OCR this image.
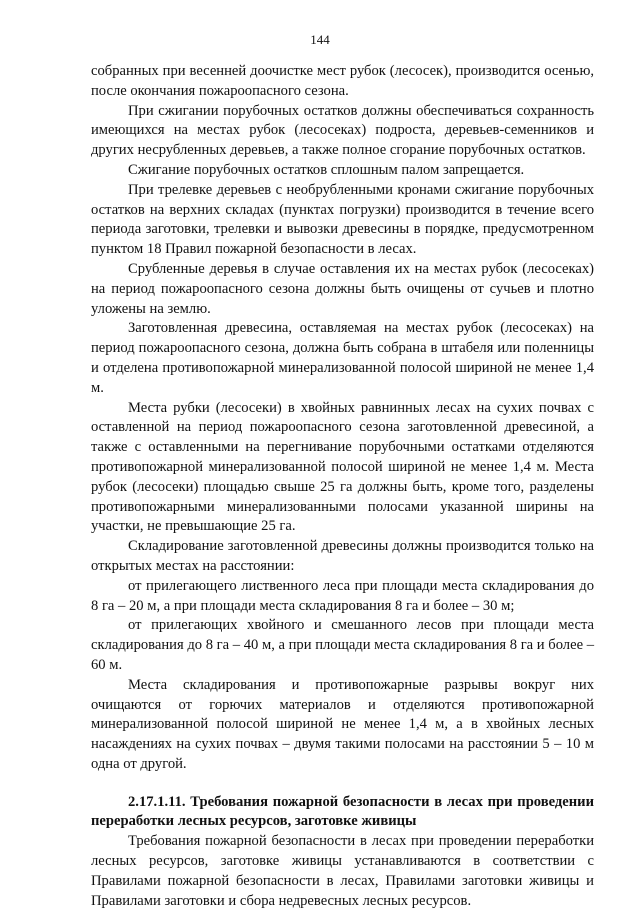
144

собранных при весенней доочистке мест рубок (лесосек), производится осенью, после окончания пожароопасного сезона.

При сжигании порубочных остатков должны обеспечиваться сохранность имеющихся на местах рубок (лесосеках) подроста, деревьев-семенников и других несрубленных деревьев, а также полное сгорание порубочных остатков.

Сжигание порубочных остатков сплошным палом запрещается.

При трелевке деревьев с необрубленными кронами сжигание порубочных остатков на верхних складах (пунктах погрузки) производится в течение всего периода заготовки, трелевки и вывозки древесины в порядке, предусмотренном пунктом 18 Правил пожарной безопасности в лесах.

Срубленные деревья в случае оставления их на местах рубок (лесосеках) на период пожароопасного сезона должны быть очищены от сучьев и плотно уложены на землю.

Заготовленная древесина, оставляемая на местах рубок (лесосеках) на период пожароопасного сезона, должна быть собрана в штабеля или поленницы и отделена противопожарной минерализованной полосой шириной не менее 1,4 м.

Места рубки (лесосеки) в хвойных равнинных лесах на сухих почвах с оставленной на период пожароопасного сезона заготовленной древесиной, а также с оставленными на перегнивание порубочными остатками отделяются противопожарной минерализованной полосой шириной не менее 1,4 м. Места рубок (лесосеки) площадью свыше 25 га должны быть, кроме того, разделены противопожарными минерализованными полосами указанной ширины на участки, не превышающие 25 га.

Складирование заготовленной древесины должны производится только на открытых местах на расстоянии:

от прилегающего лиственного леса при площади места складирования до 8 га – 20 м, а при площади места складирования 8 га и более – 30 м;

от прилегающих хвойного и смешанного лесов при площади места складирования до 8 га – 40 м, а при площади места складирования 8 га и более – 60 м.

Места складирования и противопожарные разрывы вокруг них очищаются от горючих материалов и отделяются противопожарной минерализованной полосой шириной не менее 1,4 м, а в хвойных лесных насаждениях на сухих почвах – двумя такими полосами на расстоянии 5 – 10 м одна от другой.

2.17.1.11. Требования пожарной безопасности в лесах при проведении переработки лесных ресурсов, заготовке живицы

Требования пожарной безопасности в лесах при проведении переработки лесных ресурсов, заготовке живицы устанавливаются в соответствии с Правилами пожарной безопасности в лесах, Правилами заготовки живицы и Правилами заготовки и сбора недревесных лесных ресурсов.
